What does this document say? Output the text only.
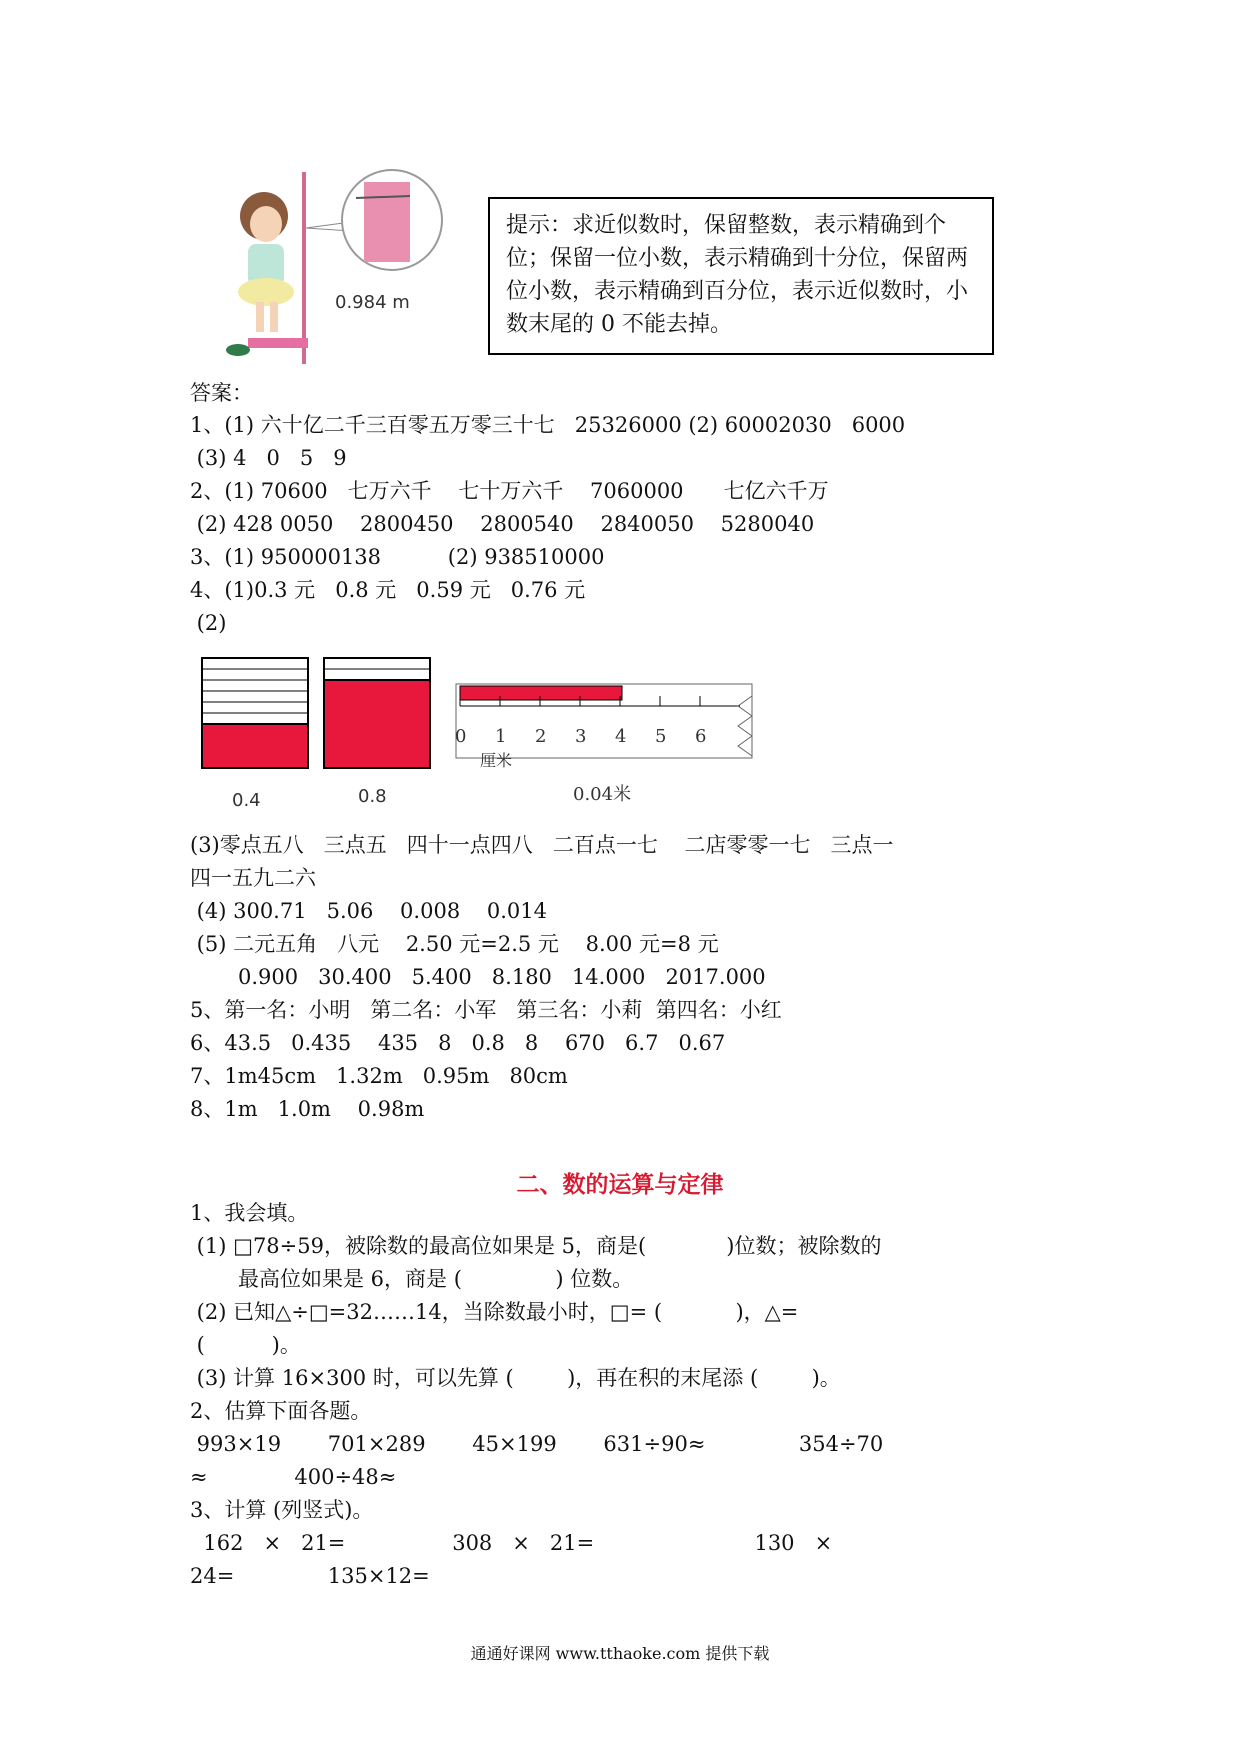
0.984 m
提示：求近似数时，保留整数，表示精确到个位；保留一位小数，表示精确到十分位，保留两位小数，表示精确到百分位，表示近似数时，小数末尾的 0 不能去掉。
答案：
1、(1) 六十亿二千三百零五万零三十七   25326000 (2) 60002030   6000
(3) 4   0   5   9
2、(1) 70600   七万六千    七十万六千    7060000      七亿六千万
(2) 428 0050    2800450    2800540    2840050    5280040
3、(1) 950000138          (2) 938510000
4、(1)0.3 元   0.8 元   0.59 元   0.76 元
(2)
0 1 2 3 4 5 6
厘米
0.4	0.8	0.04米
(3)零点五八   三点五   四十一点四八   二百点一七    二店零零一七   三点一
四一五九二六
(4) 300.71   5.06    0.008    0.014
(5) 二元五角   八元    2.50 元=2.5 元    8.00 元=8 元
0.900   30.400   5.400   8.180   14.000   2017.000
5、第一名：小明   第二名：小军   第三名：小莉  第四名：小红
6、43.5   0.435    435   8   0.8   8    670   6.7   0.67
7、1m45cm   1.32m   0.95m   80cm
8、1m   1.0m    0.98m
二、数的运算与定律
1、我会填。
(1) □78÷59，被除数的最高位如果是 5，商是(            )位数；被除数的
最高位如果是 6，商是 (              ) 位数。
(2) 已知△÷□=32……14，当除数最小时，□= (           )，△=
(          )。
(3) 计算 16×300 时，可以先算 (        )，再在积的末尾添 (        )。
2、估算下面各题。
993×19       701×289       45×199       631÷90≈              354÷70
≈             400÷48≈
3、计算 (列竖式)。
162   ×   21=                308   ×   21=                        130   ×
24=              135×12=
通通好课网 www.tthaoke.com 提供下载
